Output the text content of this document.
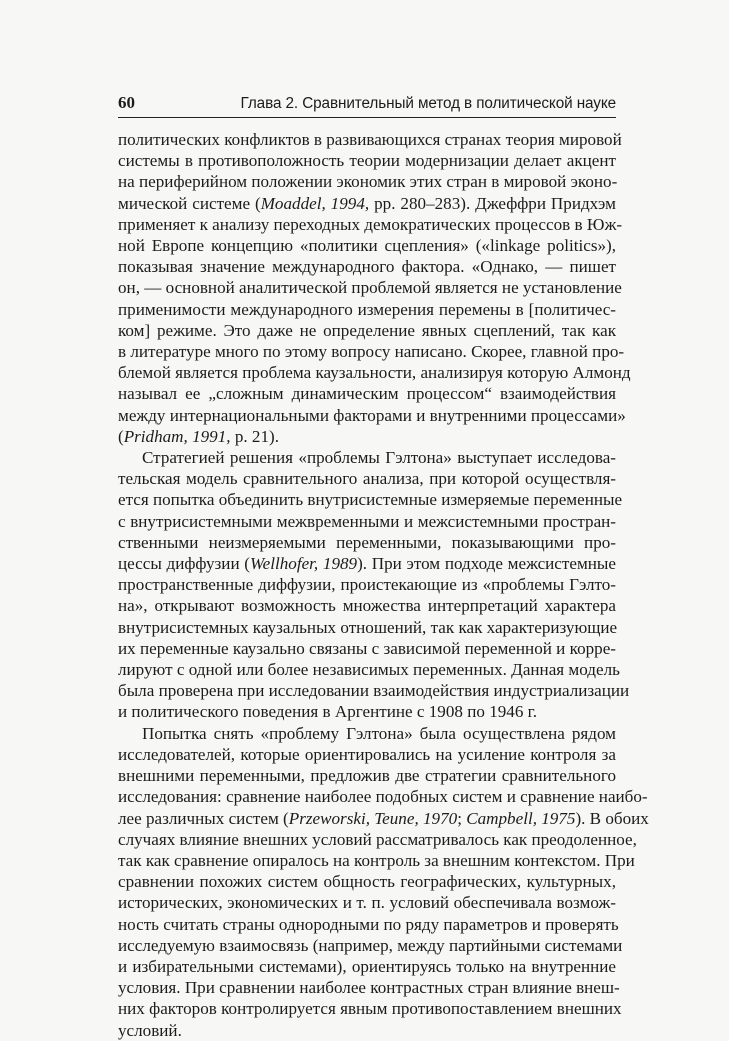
60	Глава 2. Сравнительный метод в политической науке

политических конфликтов в развивающихся странах теория мировой
системы в противоположность теории модернизации делает акцент
на периферийном положении экономик этих стран в мировой эконо-
мической системе (Moaddel, 1994, pp. 280–283). Джеффри Придхэм
применяет к анализу переходных демократических процессов в Юж-
ной Европе концепцию «политики сцепления» («linkage politics»),
показывая значение международного фактора. «Однако, — пишет
он, — основной аналитической проблемой является не установление
применимости международного измерения перемены в [политичес-
ком] режиме. Это даже не определение явных сцеплений, так как
в литературе много по этому вопросу написано. Скорее, главной про-
блемой является проблема каузальности, анализируя которую Алмонд
называл ее „сложным динамическим процессом“ взаимодействия
между интернациональными факторами и внутренними процессами»
(Pridham, 1991, p. 21).

Стратегией решения «проблемы Гэлтона» выступает исследова-
тельская модель сравнительного анализа, при которой осуществля-
ется попытка объединить внутрисистемные измеряемые переменные
с внутрисистемными межвременными и межсистемными простран-
ственными неизмеряемыми переменными, показывающими про-
цессы диффузии (Wellhofer, 1989). При этом подходе межсистемные
пространственные диффузии, проистекающие из «проблемы Гэлто-
на», открывают возможность множества интерпретаций характера
внутрисистемных каузальных отношений, так как характеризующие
их переменные каузально связаны с зависимой переменной и корре-
лируют с одной или более независимых переменных. Данная модель
была проверена при исследовании взаимодействия индустриализации
и политического поведения в Аргентине с 1908 по 1946 г.

Попытка снять «проблему Гэлтона» была осуществлена рядом
исследователей, которые ориентировались на усиление контроля за
внешними переменными, предложив две стратегии сравнительного
исследования: сравнение наиболее подобных систем и сравнение наибо-
лее различных систем (Przeworski, Teune, 1970; Campbell, 1975). В обоих
случаях влияние внешних условий рассматривалось как преодоленное,
так как сравнение опиралось на контроль за внешним контекстом. При
сравнении похожих систем общность географических, культурных,
исторических, экономических и т. п. условий обеспечивала возмож-
ность считать страны однородными по ряду параметров и проверять
исследуемую взаимосвязь (например, между партийными системами
и избирательными системами), ориентируясь только на внутренние
условия. При сравнении наиболее контрастных стран влияние внеш-
них факторов контролируется явным противопоставлением внешних
условий.
